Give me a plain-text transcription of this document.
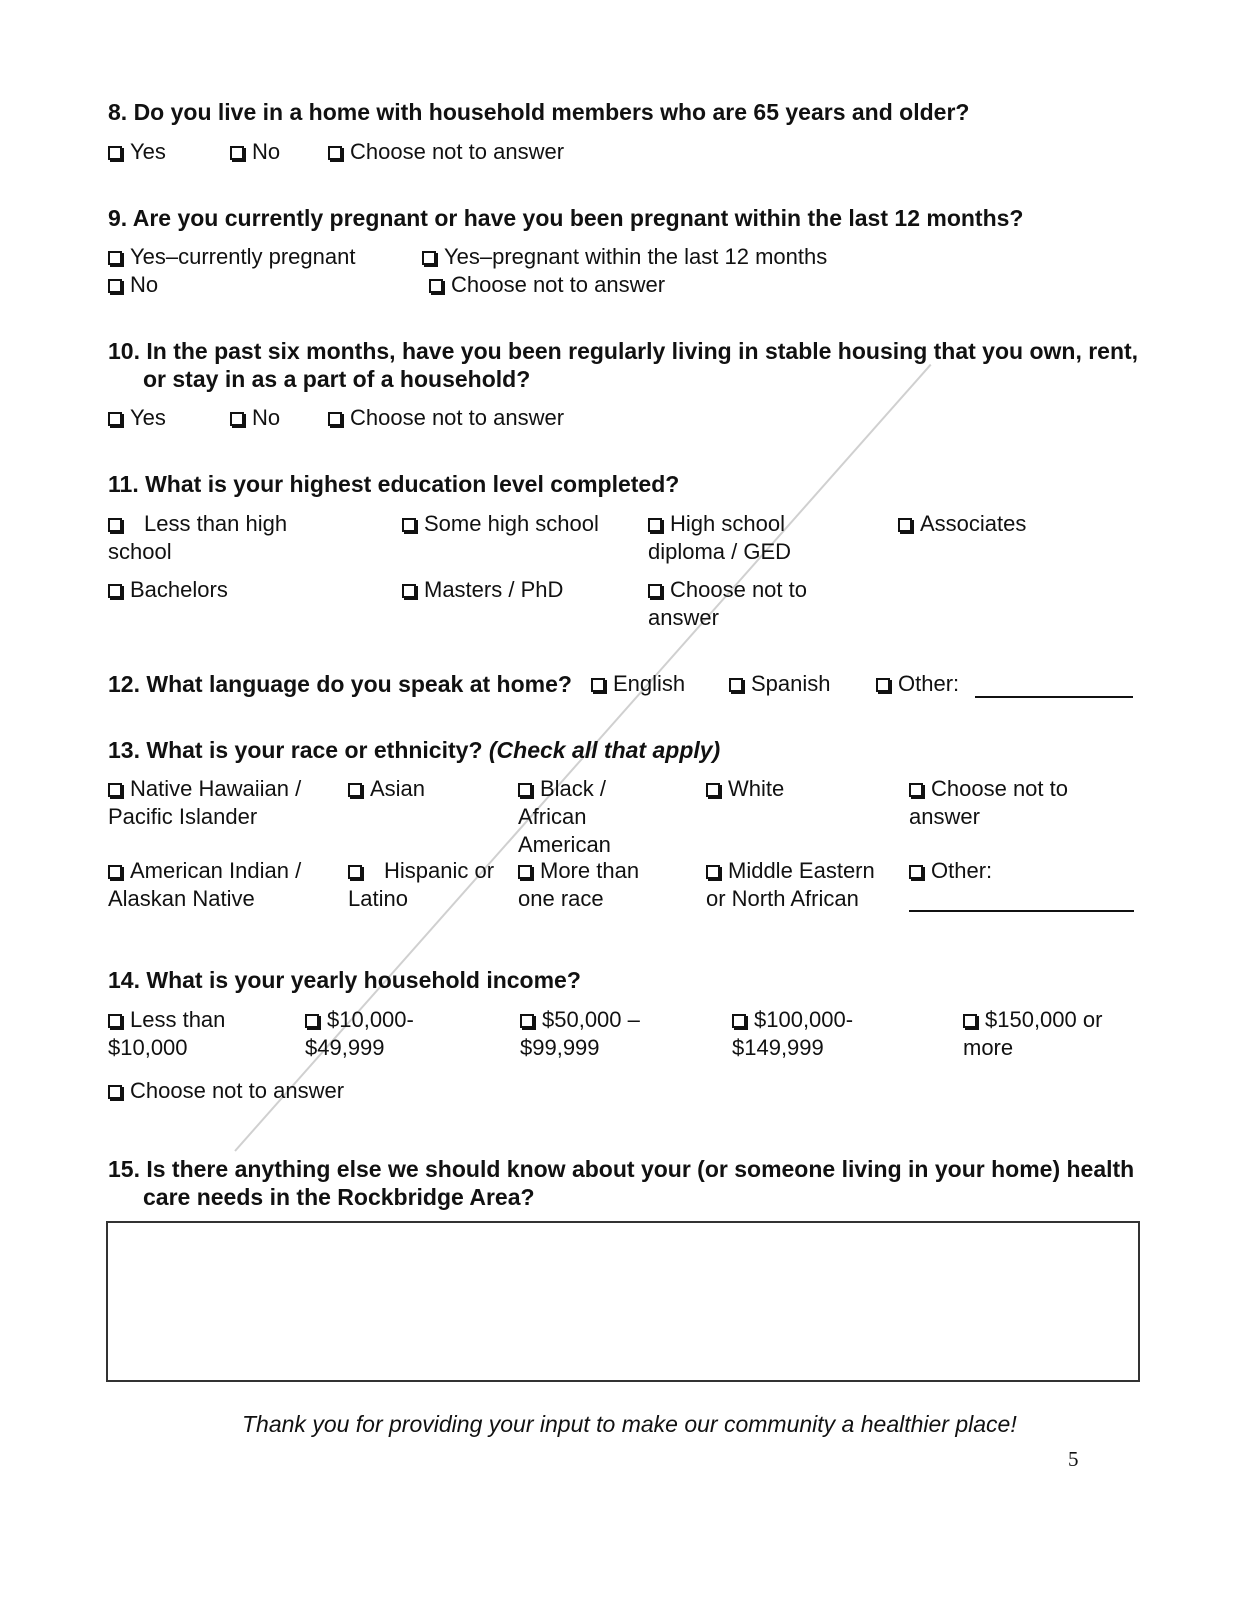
8. Do you live in a home with household members who are 65 years and older?
Yes	No	Choose not to answer
9. Are you currently pregnant or have you been pregnant within the last 12 months?
Yes–currently pregnant	Yes–pregnant within the last 12 months
No	Choose not to answer
10. In the past six months, have you been regularly living in stable housing that you own, rent, or stay in as a part of a household?
Yes	No	Choose not to answer
11. What is your highest education level completed?
Less than high school
Some high school	High school diploma / GED
Associates
Bachelors	Masters / PhD	Choose not to answer
12. What language do you speak at home?	English	Spanish	Other:
13. What is your race or ethnicity? (Check all that apply)
Native Hawaiian / Pacific Islander
Asian	Black / African American
White	Choose not to answer
American Indian / Alaskan Native
Hispanic or Latino
More than one race
Middle Eastern or North African
Other:
14. What is your yearly household income?
Less than $10,000
$10,000- $49,999
$50,000 – $99,999
$100,000- $149,999
$150,000 or more
Choose not to answer
15. Is there anything else we should know about your (or someone living in your home) health care needs in the Rockbridge Area?
Thank you for providing your input to make our community a healthier place!
5
